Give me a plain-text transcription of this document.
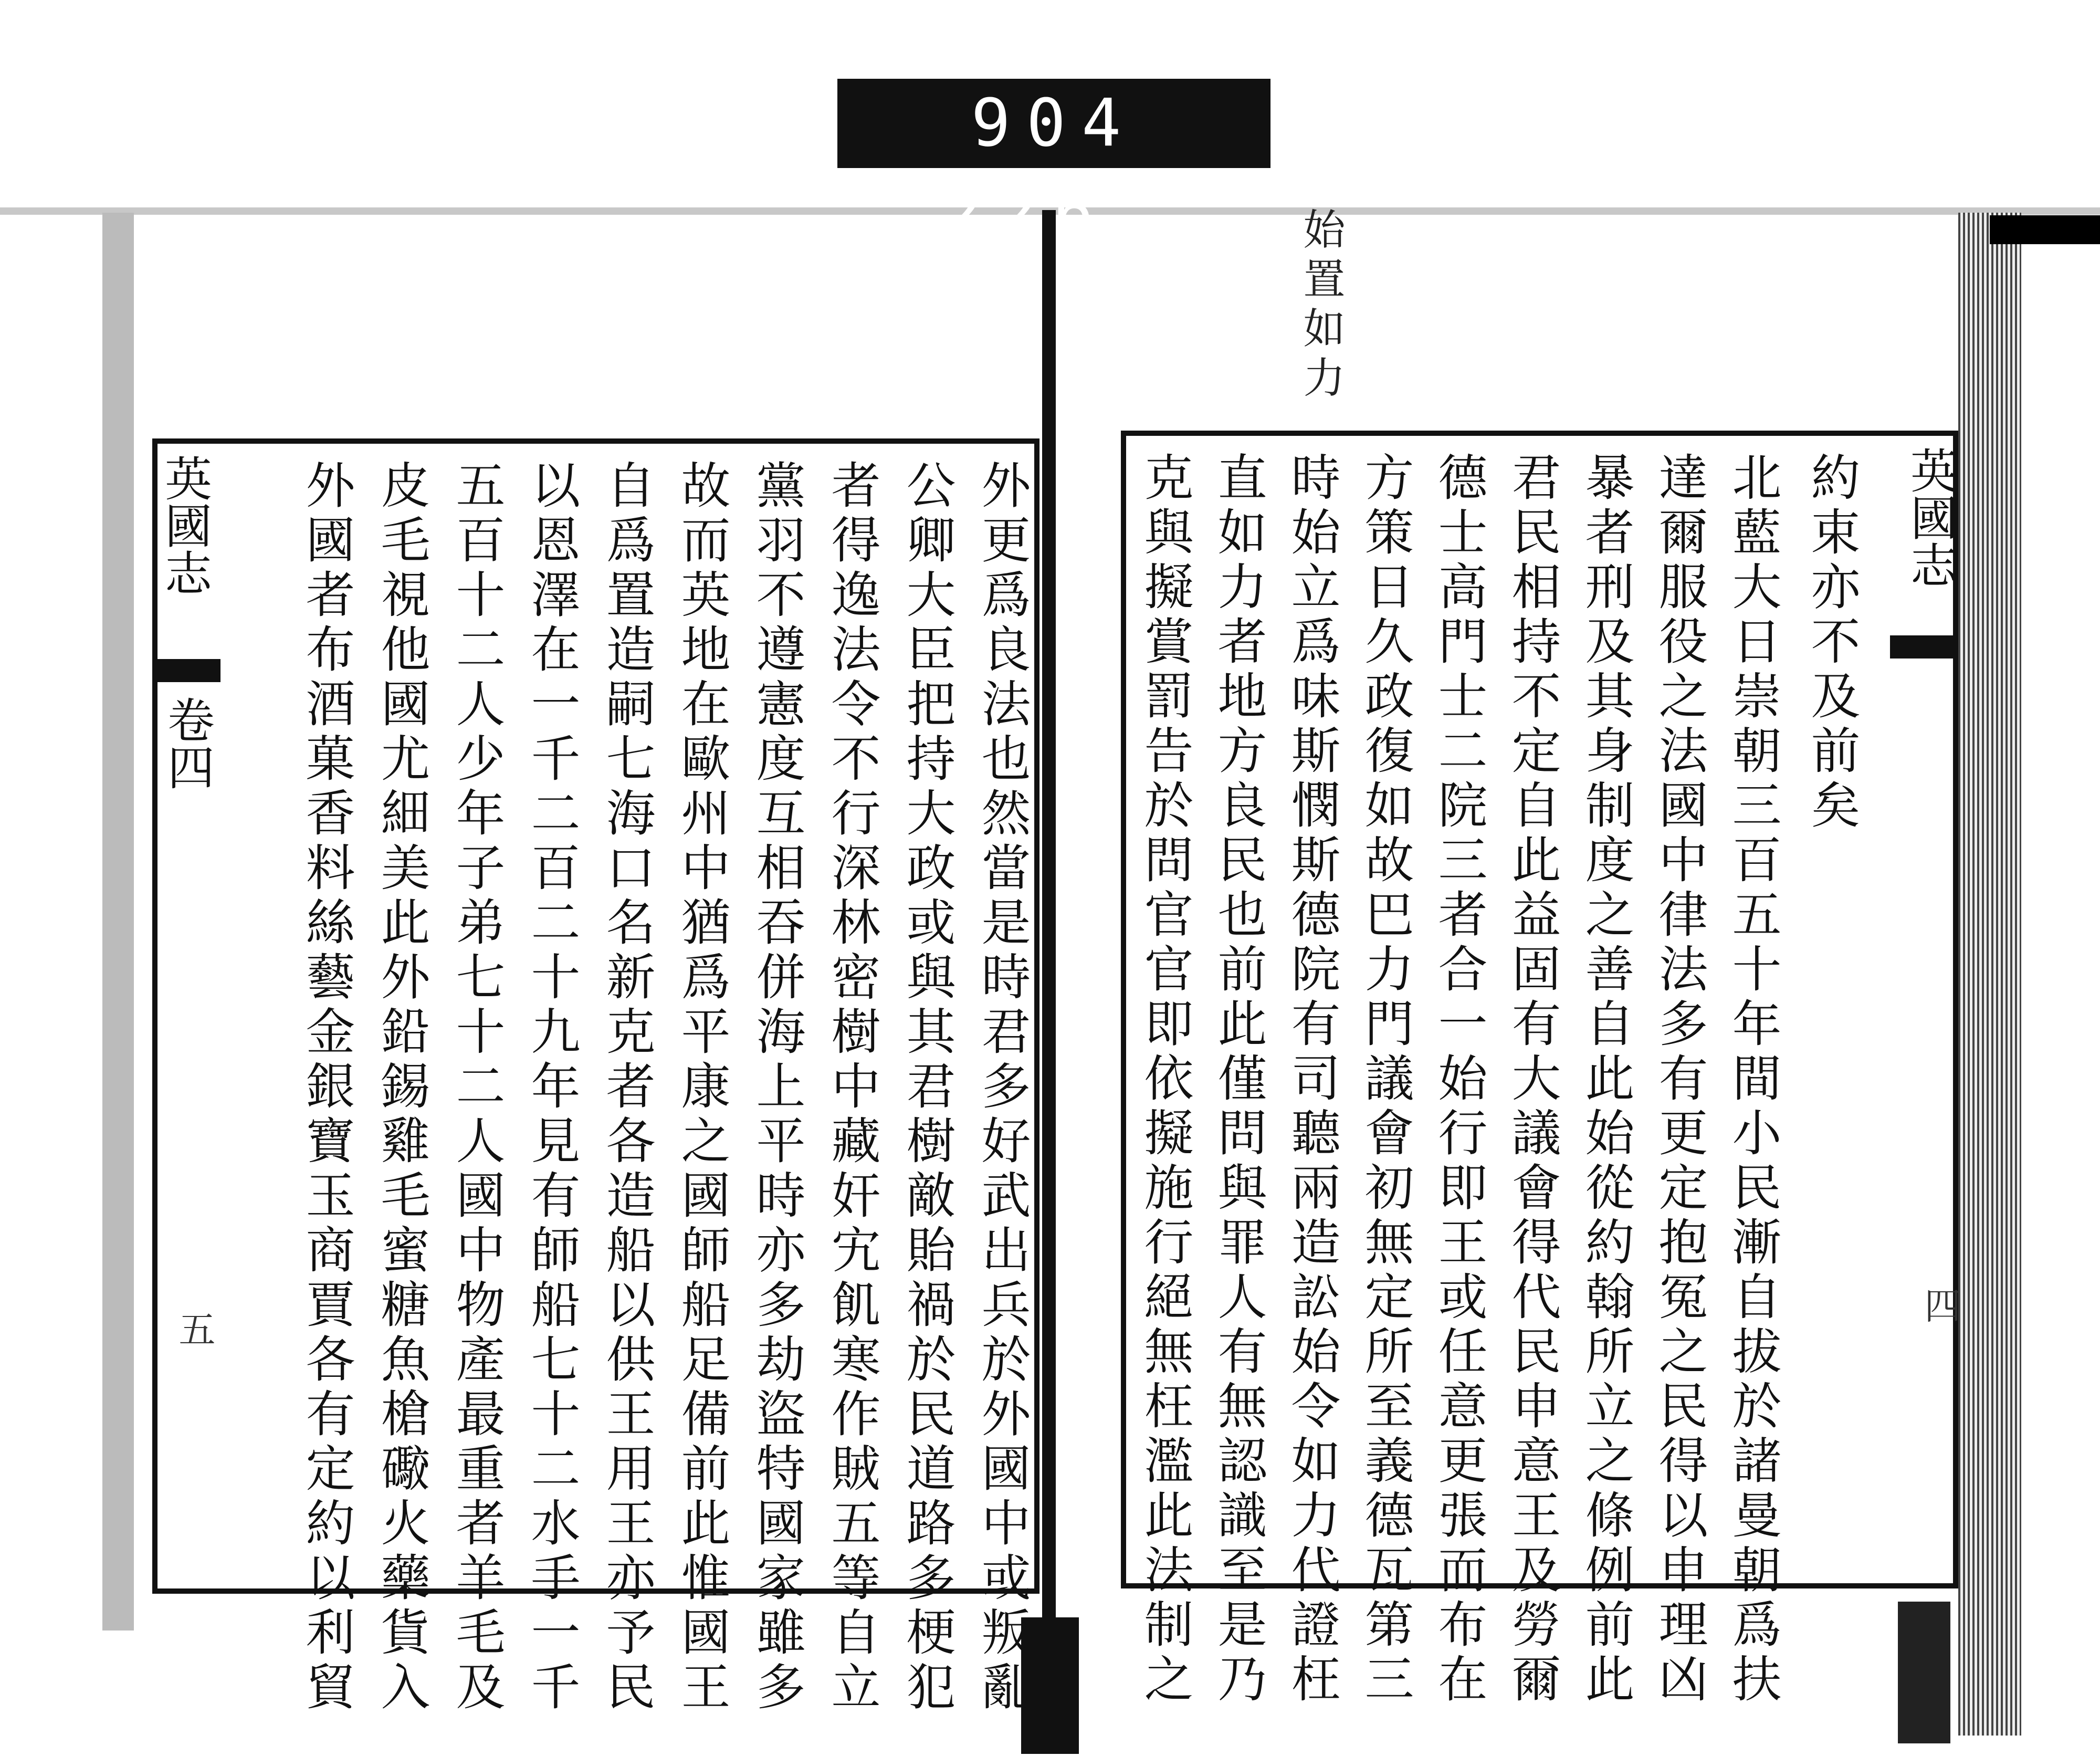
904 226.	始置如力
外更爲良法也然當是時君多好武出兵於外國中或叛亂
公卿大臣把持大政或與其君樹敵貽禍於民道路多梗犯
者得逸法令不行深林密樹中藏奸宄飢寒作賊五等自立
黨羽不遵憲度互相吞併海上平時亦多劫盜特國家雖多
故而英地在歐州中猶爲平康之國師船足備前此惟國王
自爲置造嗣七海口名新克者各造船以供王用王亦予民
以恩澤在一千二百二十九年見有師船七十二水手一千
五百十二人少年子弟七十二人國中物產最重者羊毛及
皮毛視他國尤細美此外鉛錫雞毛蜜糖魚槍礮火藥貨入
外國者布酒菓香料絲藝金銀寶玉商賈各有定約以利貿
英國志
卷四
五
約束亦不及前矣
北藍大日崇朝三百五十年間小民漸自拔於諸曼朝爲扶
達爾服役之法國中律法多有更定抱冤之民得以申理凶
暴者刑及其身制度之善自此始從約翰所立之條例前此
君民相持不定自此益固有大議會得代民申意王及勞爾
德士高門士二院三者合一始行即王或任意更張而布在
方策日久政復如故巴力門議會初無定所至義德瓦第三
時始立爲味斯憫斯德院有司聽兩造訟始令如力代證枉
直如力者地方良民也前此僅問與罪人有無認識至是乃
克與擬賞罰告於問官官即依擬施行絕無枉濫此法制之	英國志
四
